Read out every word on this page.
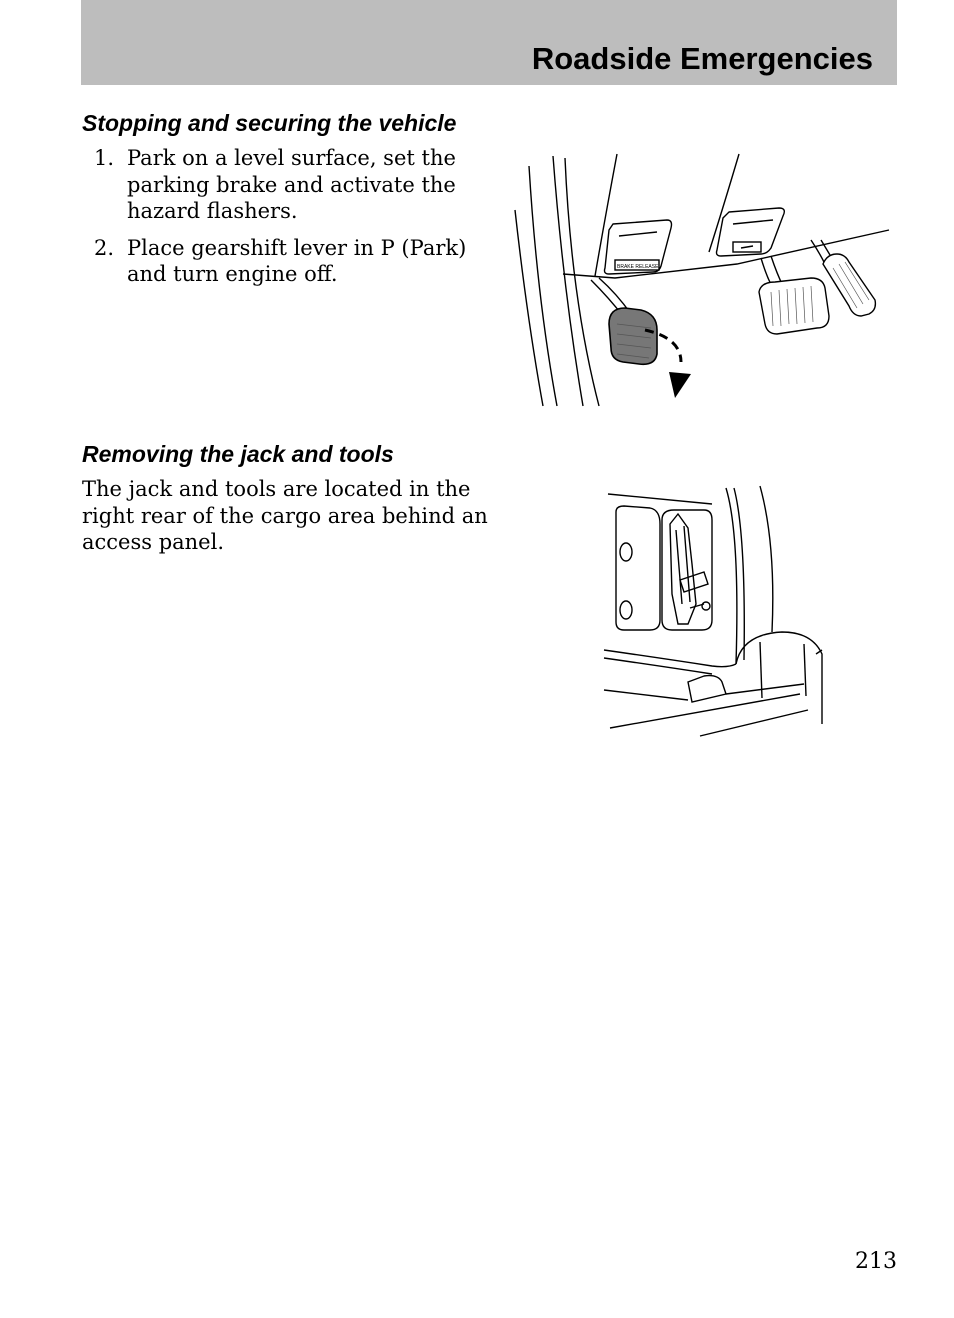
Roadside Emergencies
Stopping and securing the vehicle
1. Park on a level surface, set the parking brake and activate the hazard flashers.
2. Place gearshift lever in P (Park) and turn engine off.	BRAKE RELEASE
Removing the jack and tools

The jack and tools are located in the right rear of the cargo area behind an access panel.

213
